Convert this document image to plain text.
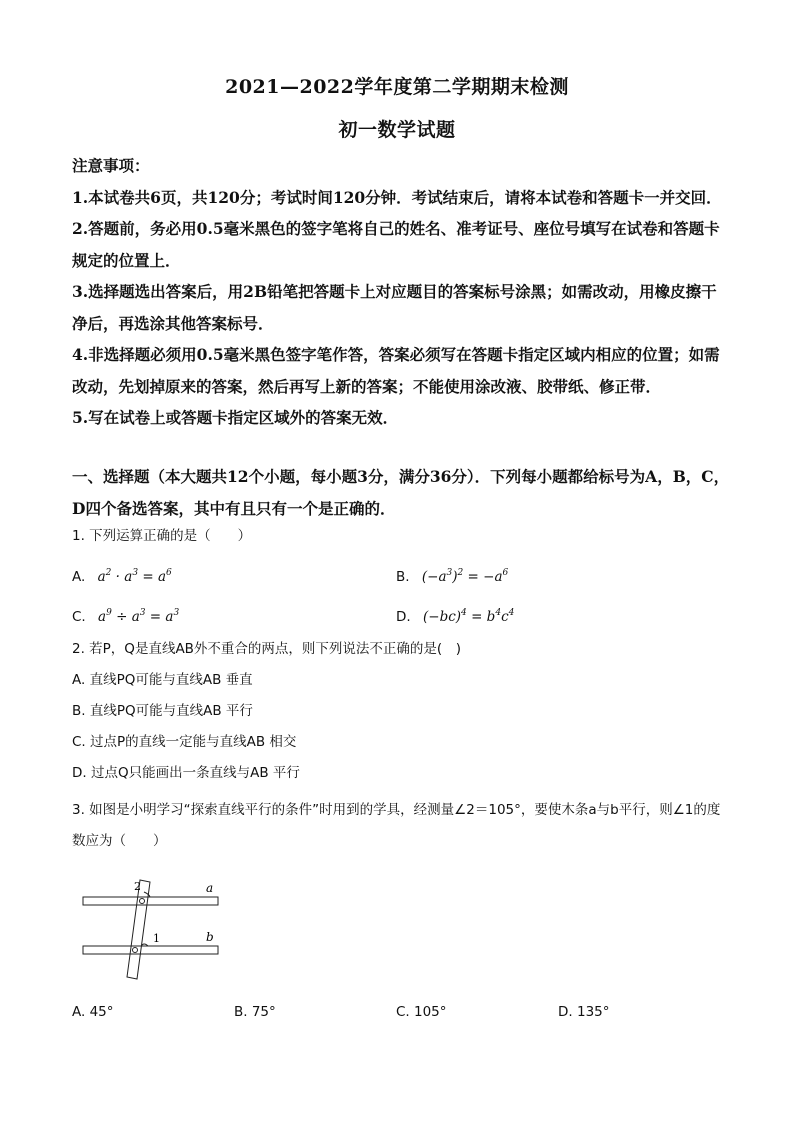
2021—2022学年度第二学期期末检测
初一数学试题

注意事项：

1.本试卷共6页，共120分；考试时间120分钟．考试结束后，请将本试卷和答题卡一并交回．

2.答题前，务必用0.5毫米黑色的签字笔将自己的姓名、准考证号、座位号填写在试卷和答题卡规定的位置上．

3.选择题选出答案后，用2B铅笔把答题卡上对应题目的答案标号涂黑；如需改动，用橡皮擦干净后，再选涂其他答案标号．

4.非选择题必须用0.5毫米黑色签字笔作答，答案必须写在答题卡指定区域内相应的位置；如需改动，先划掉原来的答案，然后再写上新的答案；不能使用涂改液、胶带纸、修正带．

5.写在试卷上或答题卡指定区域外的答案无效．

一、选择题（本大题共12个小题，每小题3分，满分36分）．下列每小题都给标号为A，B，C，D四个备选答案，其中有且只有一个是正确的．
1. 下列运算正确的是（　　）
A. $a^2 \cdot a^3 = a^6$	B. $(-a^3)^2 = -a^6$
C. $a^9 \div a^3 = a^3$	D. $(-bc)^4 = b^4c^4$
2. 若P，Q是直线AB外不重合的两点，则下列说法不正确的是(　)
A. 直线PQ可能与直线AB 垂直
B. 直线PQ可能与直线AB 平行
C. 过点P的直线一定能与直线AB 相交
D. 过点Q只能画出一条直线与AB 平行
3. 如图是小明学习“探索直线平行的条件”时用到的学具，经测量∠2＝105°，要使木条a与b平行，则∠1的度数应为（　　）
2
1
a
b
A. 45°	B. 75°	C. 105°	D. 135°
